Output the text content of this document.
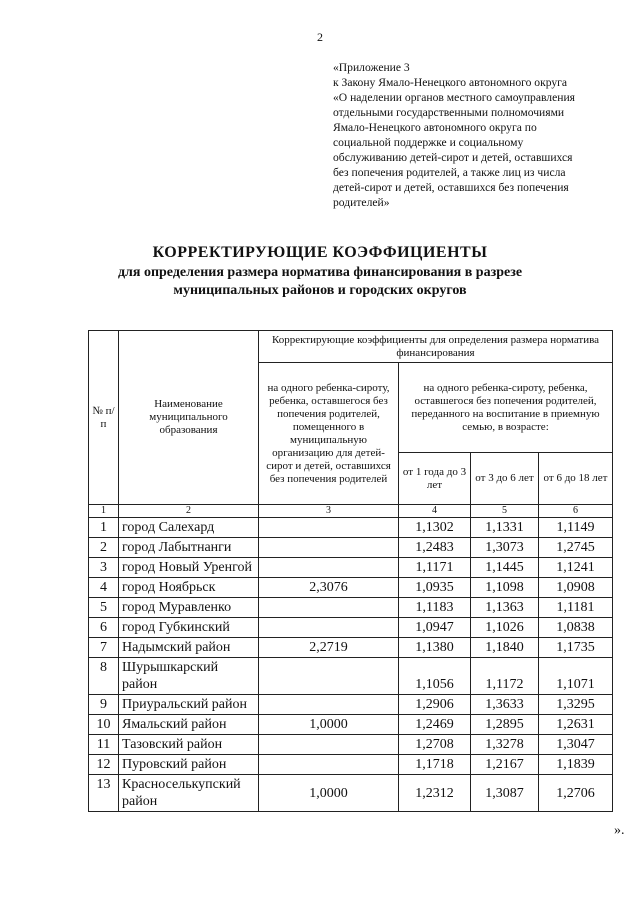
2
«Приложение 3
к Закону Ямало-Ненецкого автономного округа
«О наделении органов местного самоуправления
отдельными государственными полномочиями
Ямало-Ненецкого автономного округа по
социальной поддержке и социальному
обслуживанию детей-сирот и детей, оставшихся
без попечения родителей, а также лиц из числа
детей-сирот и детей, оставшихся без попечения
родителей»
КОРРЕКТИРУЮЩИЕ КОЭФФИЦИЕНТЫ
для определения размера норматива финансирования в разрезе
муниципальных районов и городских округов
№ п/п	Наименование муниципального образования	Корректирующие коэффициенты для определения размера норматива финансирования			
		на одного ребенка-сироту, ребенка, оставшегося без попечения родителей, помещенного в муниципальную организацию для детей-сирот и детей, оставшихся без попечения родителей	на одного ребенка-сироту, ребенка, оставшегося без попечения родителей, переданного на воспитание в приемную семью, в возрасте:		
			от 1 года до 3 лет	от 3 до 6 лет	от 6 до 18 лет
1	2	3	4	5	6
1	город Салехард		1,1302	1,1331	1,1149
2	город Лабытнанги		1,2483	1,3073	1,2745
3	город Новый Уренгой		1,1171	1,1445	1,1241
4	город Ноябрьск	2,3076	1,0935	1,1098	1,0908
5	город Муравленко		1,1183	1,1363	1,1181
6	город Губкинский		1,0947	1,1026	1,0838
7	Надымский район	2,2719	1,1380	1,1840	1,1735
8	Шурышкарский район		1,1056	1,1172	1,1071
9	Приуральский район		1,2906	1,3633	1,3295
10	Ямальский район	1,0000	1,2469	1,2895	1,2631
11	Тазовский район		1,2708	1,3278	1,3047
12	Пуровский район		1,1718	1,2167	1,1839
13	Красноселькупский район	1,0000	1,2312	1,3087	1,2706
».
